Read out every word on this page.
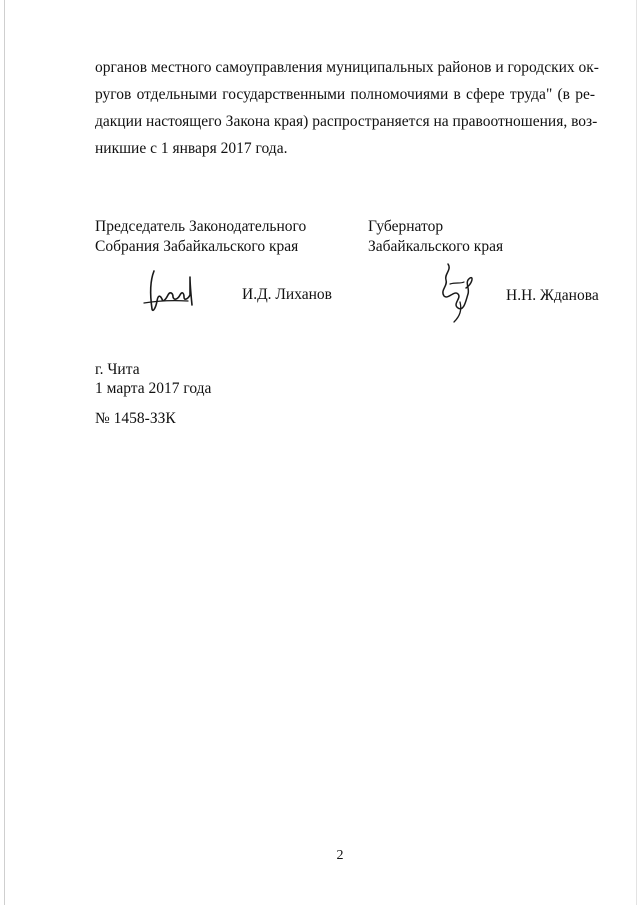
органов местного самоуправления муниципальных районов и городских ок-
ругов отдельными государственными полномочиями в сфере труда" (в ре-
дакции настоящего Закона края) распространяется на правоотношения, воз-
никшие с 1 января 2017 года.
Председатель Законодательного
Собрания Забайкальского края
Губернатор
Забайкальского края
И.Д. Лиханов	Н.Н. Жданова
г. Чита
1 марта 2017 года
№ 1458-ЗЗК
2
